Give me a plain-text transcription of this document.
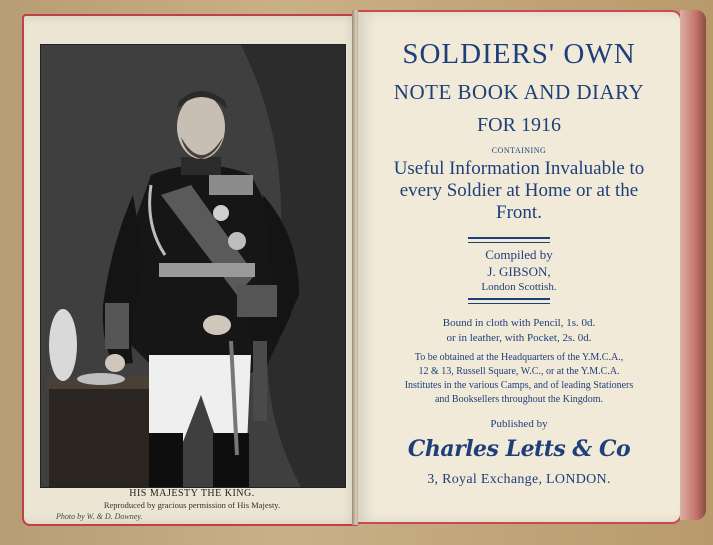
HIS MAJESTY THE KING.
Reproduced by gracious permission of His Majesty.
Photo by W. & D. Downey.
SOLDIERS' OWN
NOTE BOOK AND DIARY
FOR 1916
CONTAINING
Useful Information Invaluable to
every Soldier at Home or at the
Front.
Compiled by
J. GIBSON,
London Scottish.
Bound in cloth with Pencil, 1s. 0d.
or in leather, with Pocket, 2s. 0d.
To be obtained at the Headquarters of the Y.M.C.A.,
12 & 13, Russell Square, W.C., or at the Y.M.C.A.
Institutes in the various Camps, and of leading Stationers
and Booksellers throughout the Kingdom.
Published by
Charles Letts & Co
3, Royal Exchange, LONDON.
